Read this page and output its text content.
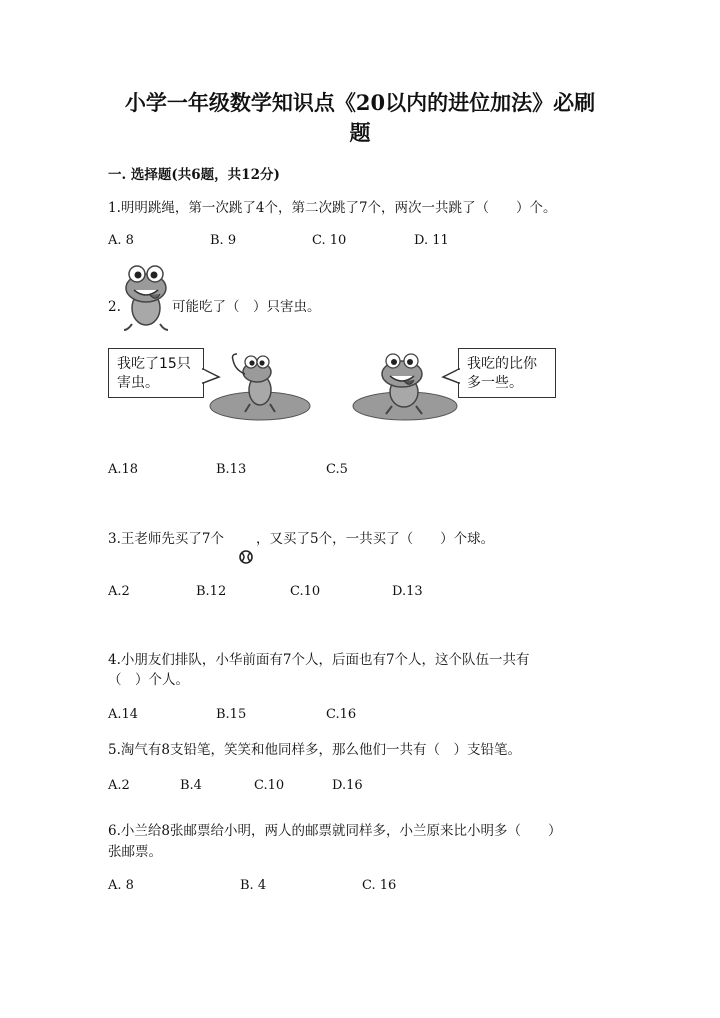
小学一年级数学知识点《20以内的进位加法》必刷
题
一. 选择题(共6题，共12分)
1.明明跳绳，第一次跳了4个，第二次跳了7个，两次一共跳了（　　）个。
A. 8	B. 9	C. 10	D. 11
2.	可能吃了（　）只害虫。
我吃了15只
害虫。
我吃的比你
多一些。
A.18	B.13	C.5
3.王老师先买了7个 ，又买了5个，一共买了（　　）个球。
A.2	B.12	C.10	D.13
4.小朋友们排队，小华前面有7个人，后面也有7个人，这个队伍一共有
（　）个人。
A.14	B.15	C.16
5.淘气有8支铅笔，笑笑和他同样多，那么他们一共有（　）支铅笔。
A.2	B.4	C.10	D.16
6.小兰给8张邮票给小明，两人的邮票就同样多，小兰原来比小明多（　　）
张邮票。
A. 8	B. 4	C. 16
